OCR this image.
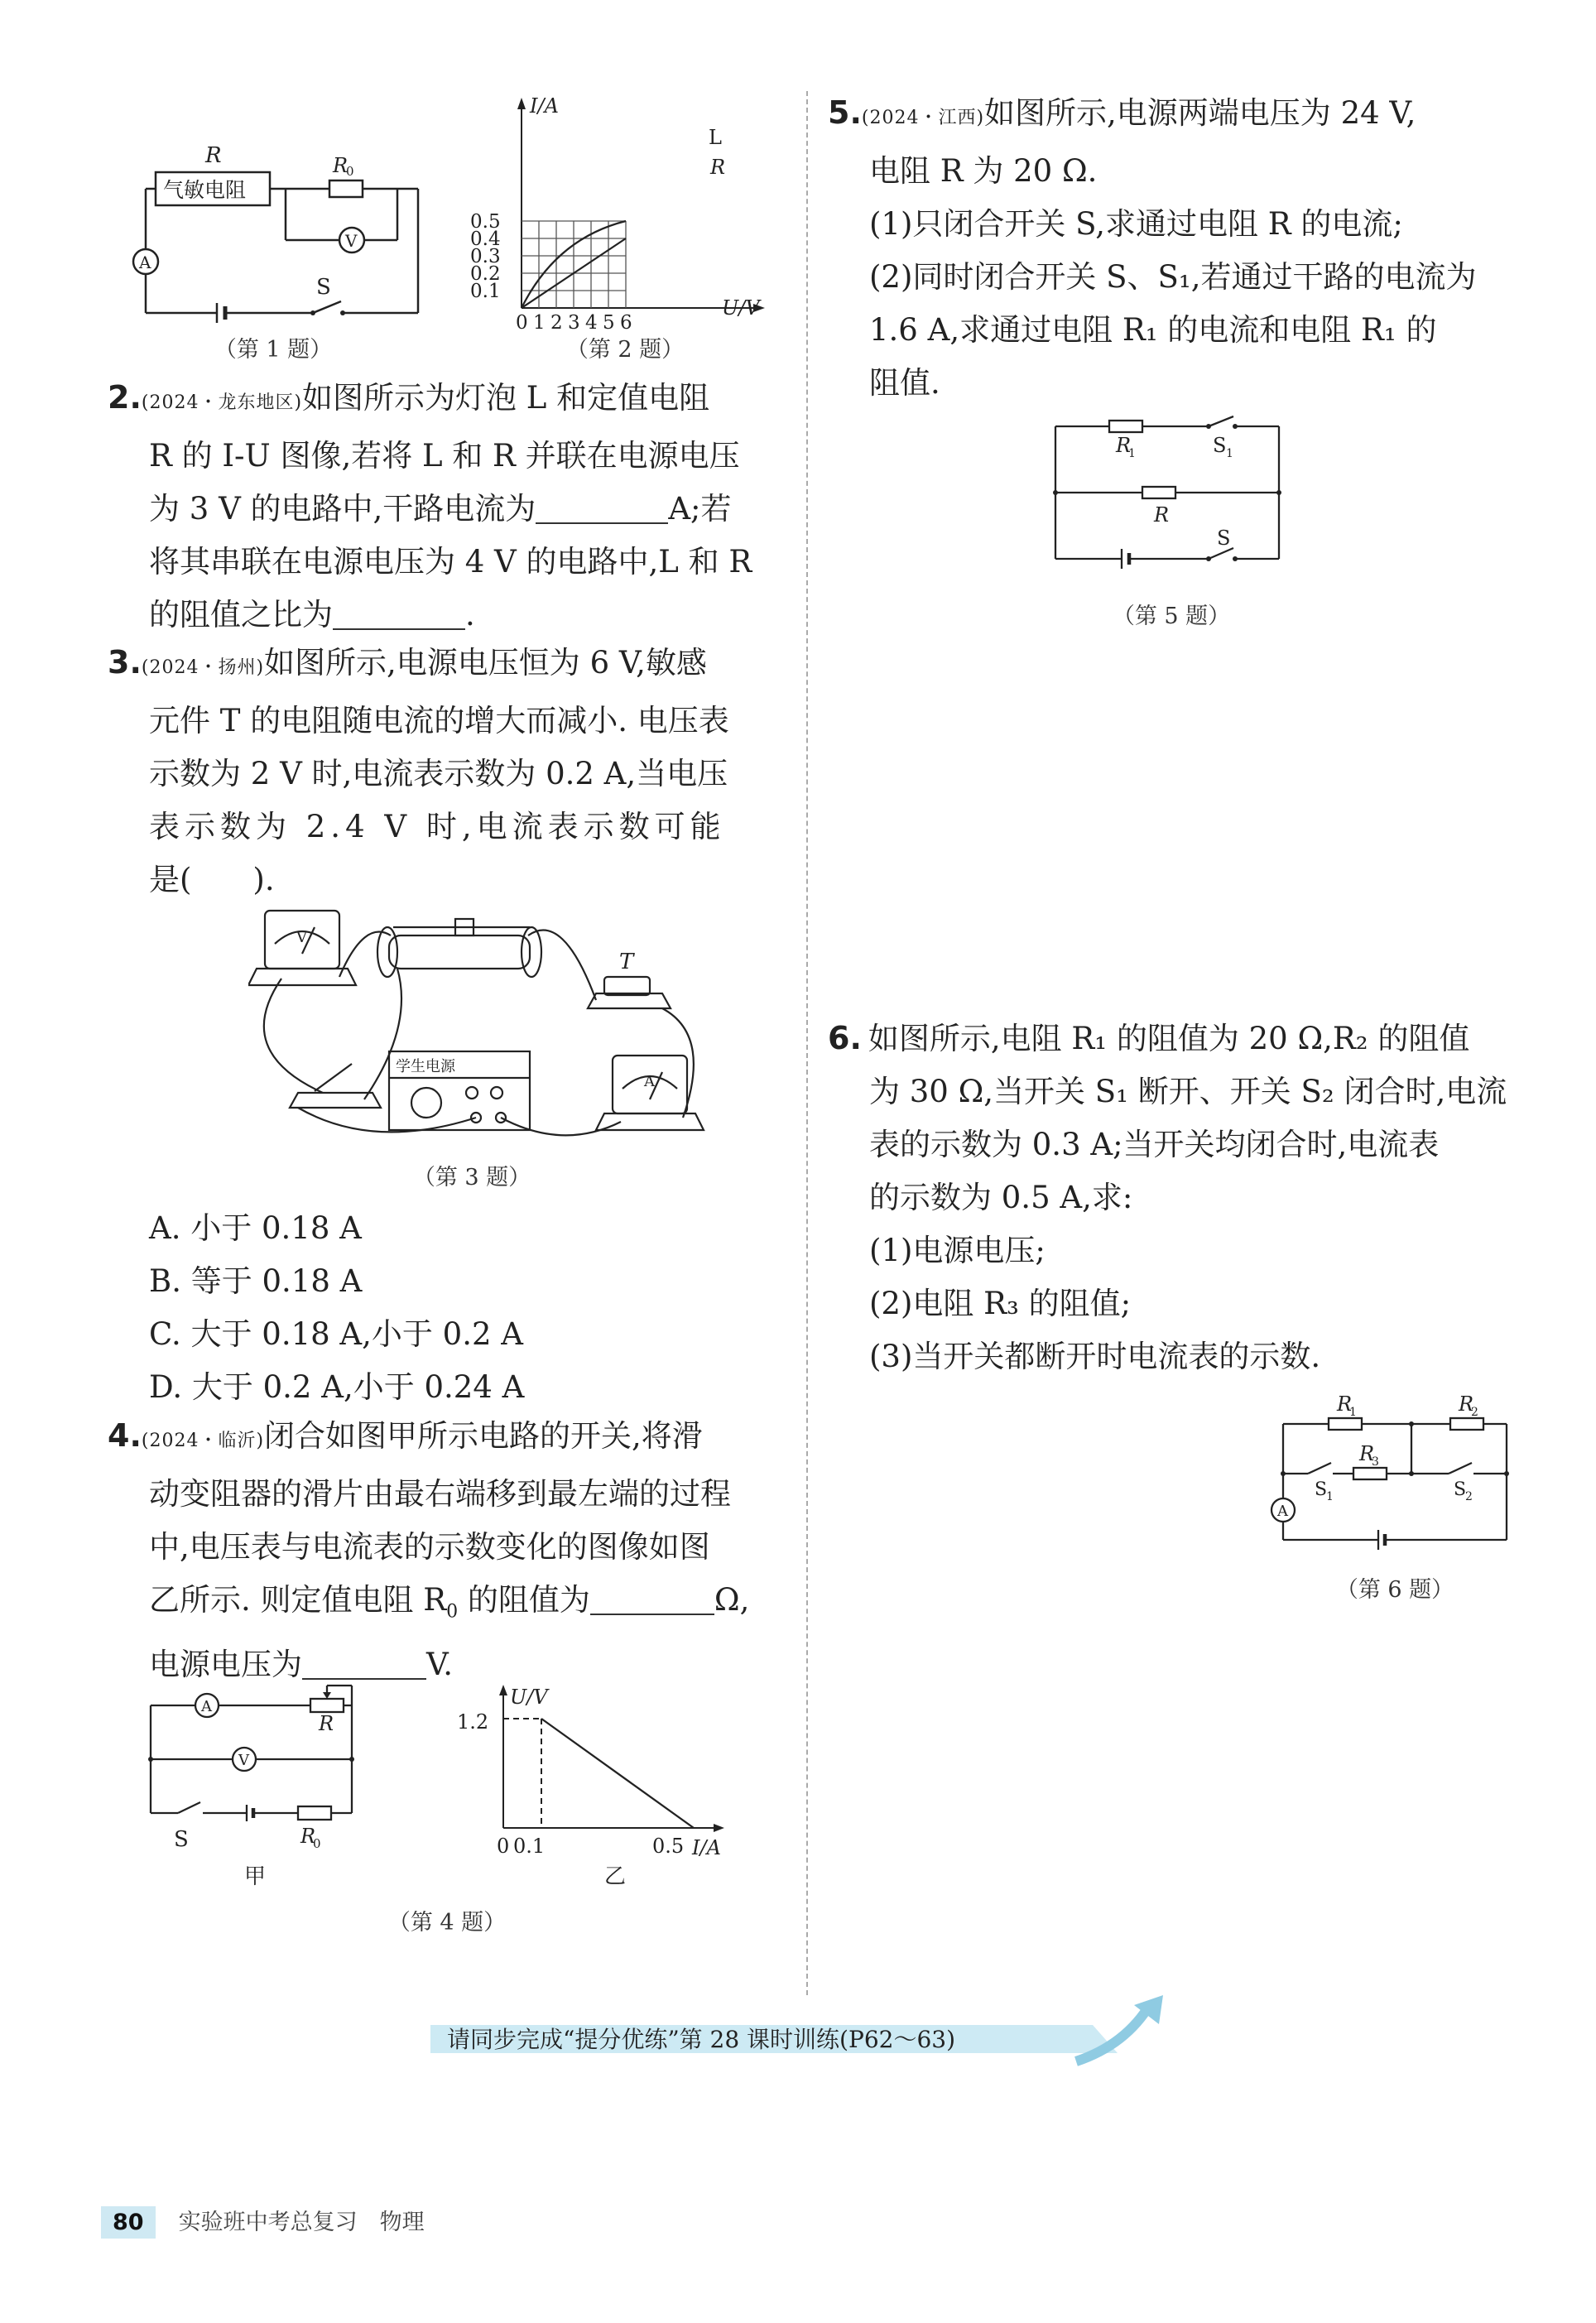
R	R
0
气敏电阻
A
V
S
（第 1 题）
I/A
U/V
L
R
0 1 2 3 4 5 6
0.5
0.4
0.3
0.2
0.1
（第 2 题）

2.(2024・龙东地区)如图所示为灯泡 L 和定值电阻

R 的 I-U 图像,若将 L 和 R 并联在电源电压

为 3 V 的电路中,干路电流为	A;若

将其串联在电源电压为 4 V 的电路中,L 和 R

的阻值之比为	.

3.(2024・扬州)如图所示,电源电压恒为 6 V,敏感

元件 T 的电阻随电流的增大而减小. 电压表

示数为 2 V 时,电流表示数为 0.2 A,当电压

表示数为 2.4 V 时,电流表示数可能

是(　　).

V
T
学生电源
A
（第 3 题）
A. 小于 0.18 A
B. 等于 0.18 A
C. 大于 0.18 A,小于 0.2 A
D. 大于 0.2 A,小于 0.24 A

4.(2024・临沂)闭合如图甲所示电路的开关,将滑

动变阻器的滑片由最右端移到最左端的过程

中,电压表与电流表的示数变化的图像如图

乙所示. 则定值电阻 $R_0$ 的阻值为	Ω,

电源电压为	V.

A
V
R
S	R
0
甲
U/V
1.2
0 0.1	0.5 I/A
乙
（第 4 题）

5.(2024・江西)如图所示,电源两端电压为 24 V,

电阻 R 为 20 Ω.

(1)只闭合开关 S,求通过电阻 R 的电流;

(2)同时闭合开关 S、S₁,若通过干路的电流为

1.6 A,求通过电阻 R₁ 的电流和电阻 R₁ 的

阻值.

R
1	S 1
R
S
（第 5 题）

6. 如图所示,电阻 R₁ 的阻值为 20 Ω,R₂ 的阻值

为 30 Ω,当开关 S₁ 断开、开关 S₂ 闭合时,电流

表的示数为 0.3 A;当开关均闭合时,电流表

的示数为 0.5 A,求:

(1)电源电压;

(2)电阻 R₃ 的阻值;

(3)当开关都断开时电流表的示数.

R
1	R
2
R
3
S
1	S
2
A
（第 6 题）
请同步完成“提分优练”第 28 课时训练(P62～63)
80 实验班中考总复习　物理
